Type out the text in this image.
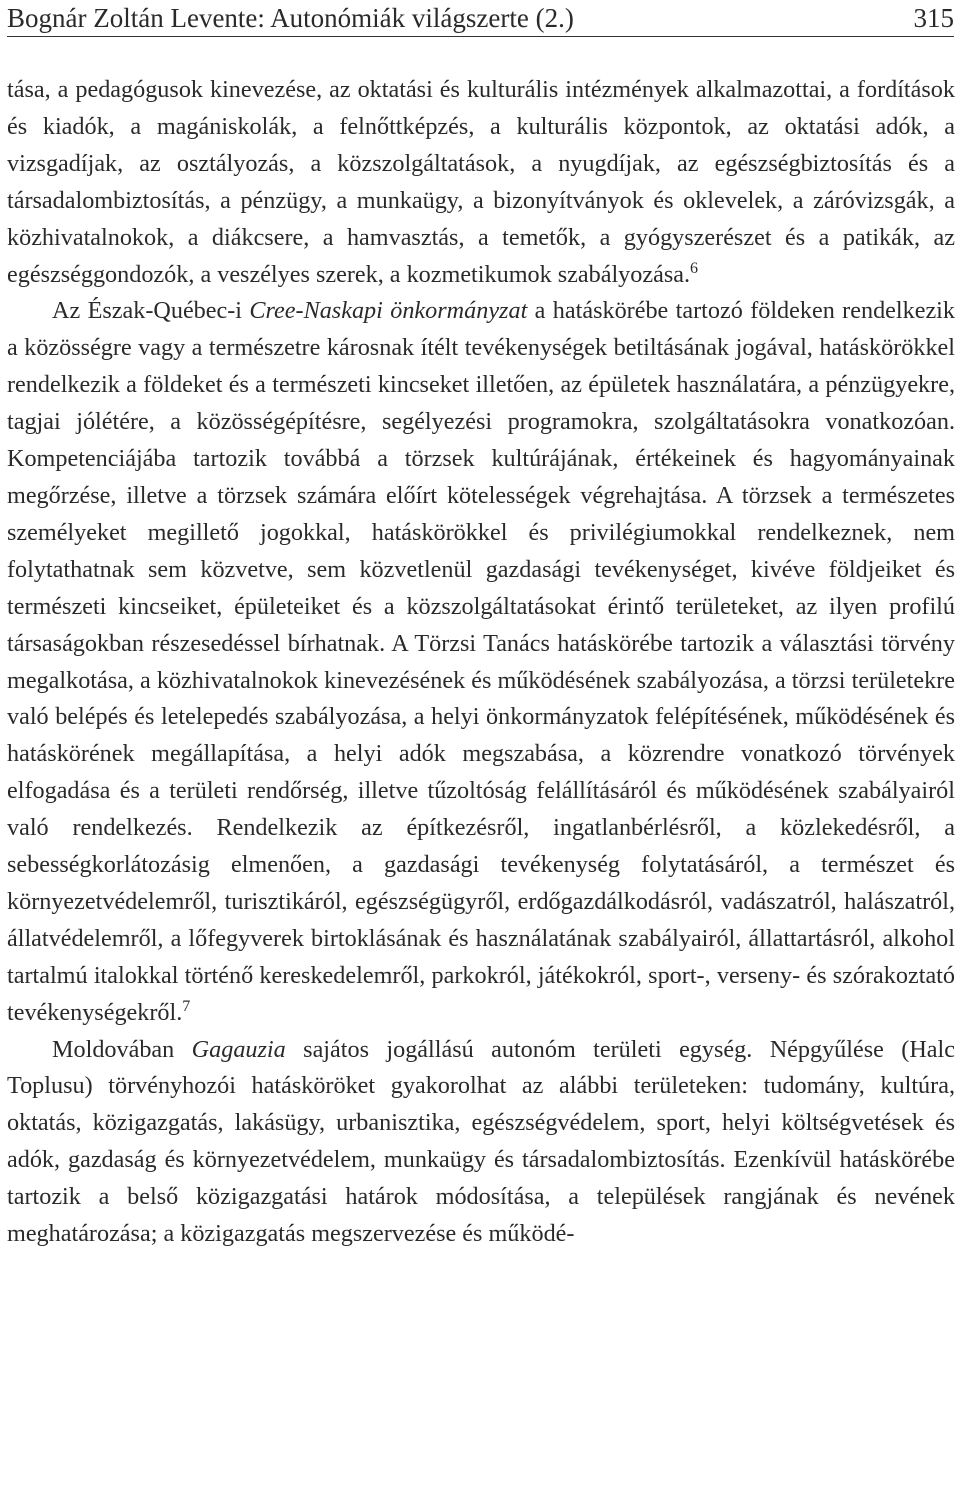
Bognár Zoltán Levente: Autonómiák világszerte (2.)	315

tása, a pedagógusok kinevezése, az oktatási és kulturális intézmények alkalmazottai, a fordítások és kiadók, a magániskolák, a felnőttképzés, a kulturális központok, az oktatási adók, a vizsgadíjak, az osztályozás, a közszolgáltatások, a nyugdíjak, az egészségbiztosítás és a társadalombiztosítás, a pénzügy, a munkaügy, a bizonyítványok és oklevelek, a záróvizsgák, a közhivatalnokok, a diákcsere, a hamvasztás, a temetők, a gyógyszerészet és a patikák, az egészséggondozók, a veszélyes szerek, a kozmetikumok szabályozása.$^6$

Az Észak-Québec-i Cree-Naskapi önkormányzat a hatáskörébe tartozó földeken rendelkezik a közösségre vagy a természetre károsnak ítélt tevékenységek betiltásának jogával, hatáskörökkel rendelkezik a földeket és a természeti kincseket illetően, az épületek használatára, a pénzügyekre, tagjai jólétére, a közösségépítésre, segélyezési programokra, szolgáltatásokra vonatkozóan. Kompetenciájába tartozik továbbá a törzsek kultúrájának, értékeinek és hagyományainak megőrzése, illetve a törzsek számára előírt kötelességek végrehajtása. A törzsek a természetes személyeket megillető jogokkal, hatáskörökkel és privilégiumokkal rendelkeznek, nem folytathatnak sem közvetve, sem közvetlenül gazdasági tevékenységet, kivéve földjeiket és természeti kincseiket, épületeiket és a közszolgáltatásokat érintő területeket, az ilyen profilú társaságokban részesedéssel bírhatnak. A Törzsi Tanács hatáskörébe tartozik a választási törvény megalkotása, a közhivatalnokok kinevezésének és működésének szabályozása, a törzsi területekre való belépés és letelepedés szabályozása, a helyi önkormányzatok felépítésének, működésének és hatáskörének megállapítása, a helyi adók megszabása, a közrendre vonatkozó törvények elfogadása és a területi rendőrség, illetve tűzoltóság felállításáról és működésének szabályairól való rendelkezés. Rendelkezik az építkezésről, ingatlanbérlésről, a közlekedésről, a sebességkorlátozásig elmenően, a gazdasági tevékenység folytatásáról, a természet és környezetvédelemről, turisztikáról, egészségügyről, erdőgazdálkodásról, vadászatról, halászatról, állatvédelemről, a lőfegyverek birtoklásának és használatának szabályairól, állattartásról, alkohol tartalmú italokkal történő kereskedelemről, parkokról, játékokról, sport-, verseny- és szórakoztató tevékenységekről.$^7$

Moldovában Gagauzia sajátos jogállású autonóm területi egység. Népgyűlése (Halc Toplusu) törvényhozói hatásköröket gyakorolhat az alábbi területeken: tudomány, kultúra, oktatás, közigazgatás, lakásügy, urbanisztika, egészségvédelem, sport, helyi költségvetések és adók, gazdaság és környezetvédelem, munkaügy és társadalombiztosítás. Ezenkívül hatáskörébe tartozik a belső közigazgatási határok módosítása, a települések rangjának és nevének meghatározása; a közigazgatás megszervezése és működé-
